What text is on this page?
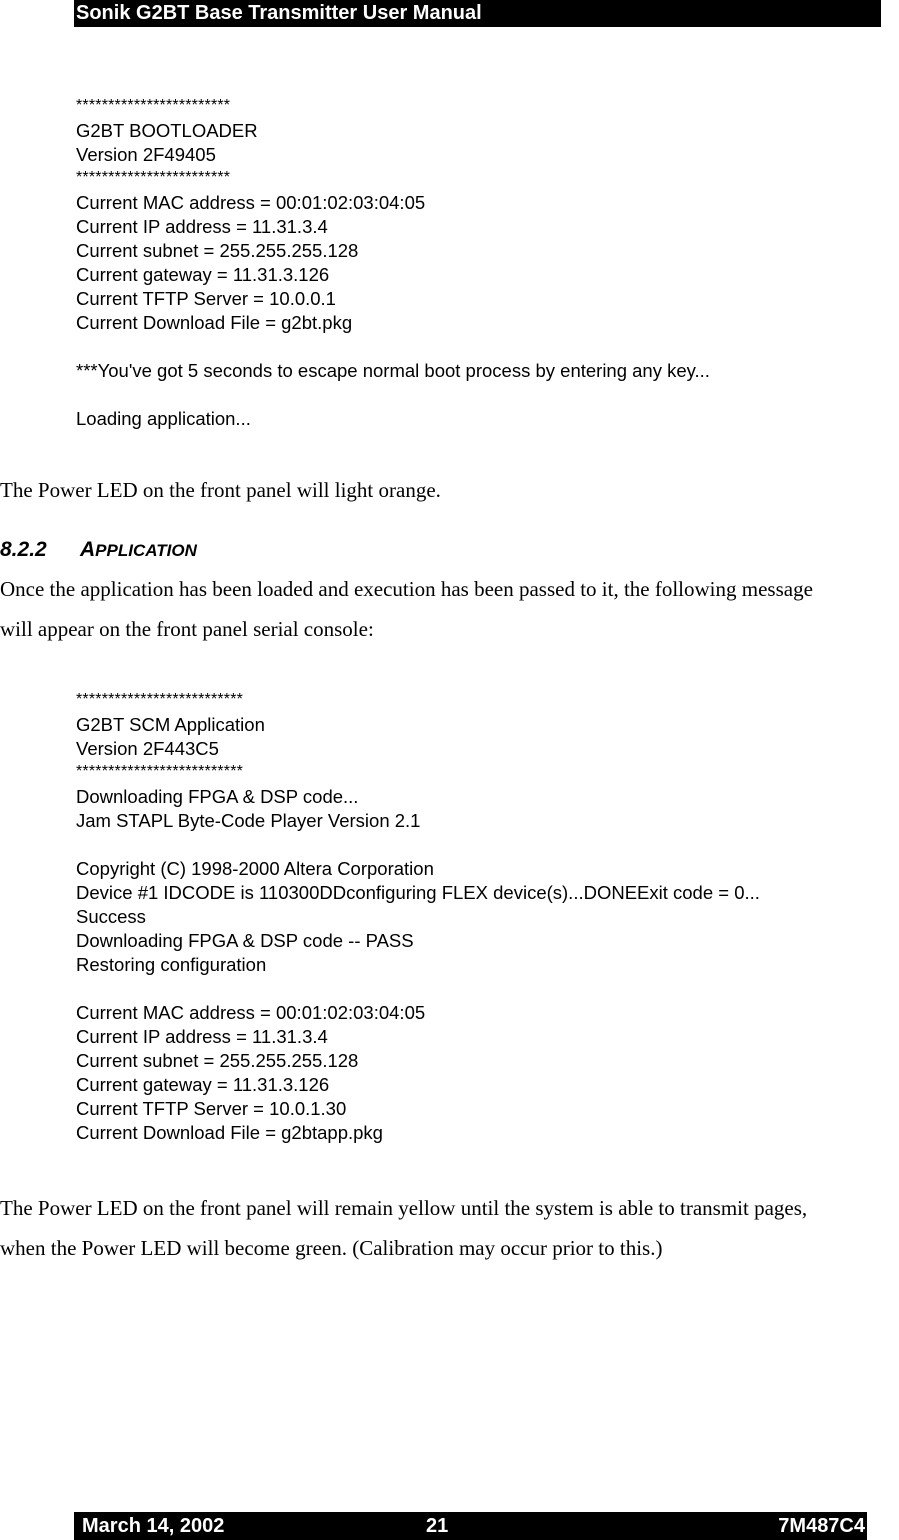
Sonik G2BT Base Transmitter User Manual
************************
G2BT BOOTLOADER
Version 2F49405
************************
Current MAC address = 00:01:02:03:04:05
Current IP address = 11.31.3.4
Current subnet = 255.255.255.128
Current gateway = 11.31.3.126
Current TFTP Server = 10.0.0.1
Current Download File = g2bt.pkg
***You've got 5 seconds to escape normal boot process by entering any key...
Loading application...
The Power LED on the front panel will light orange.
8.2.2 APPLICATION
Once the application has been loaded and execution has been passed to it, the following message
will appear on the front panel serial console:
**************************
G2BT SCM Application
Version 2F443C5
**************************
Downloading FPGA & DSP code...
Jam STAPL Byte-Code Player Version 2.1
Copyright (C) 1998-2000 Altera Corporation
Device #1 IDCODE is 110300DDconfiguring FLEX device(s)...DONEExit code = 0...
Success
Downloading FPGA & DSP code -- PASS
Restoring configuration
Current MAC address = 00:01:02:03:04:05
Current IP address = 11.31.3.4
Current subnet = 255.255.255.128
Current gateway = 11.31.3.126
Current TFTP Server = 10.0.1.30
Current Download File = g2btapp.pkg
The Power LED on the front panel will remain yellow until the system is able to transmit pages,
when the Power LED will become green. (Calibration may occur prior to this.)
March 14, 2002	21	7M487C4
